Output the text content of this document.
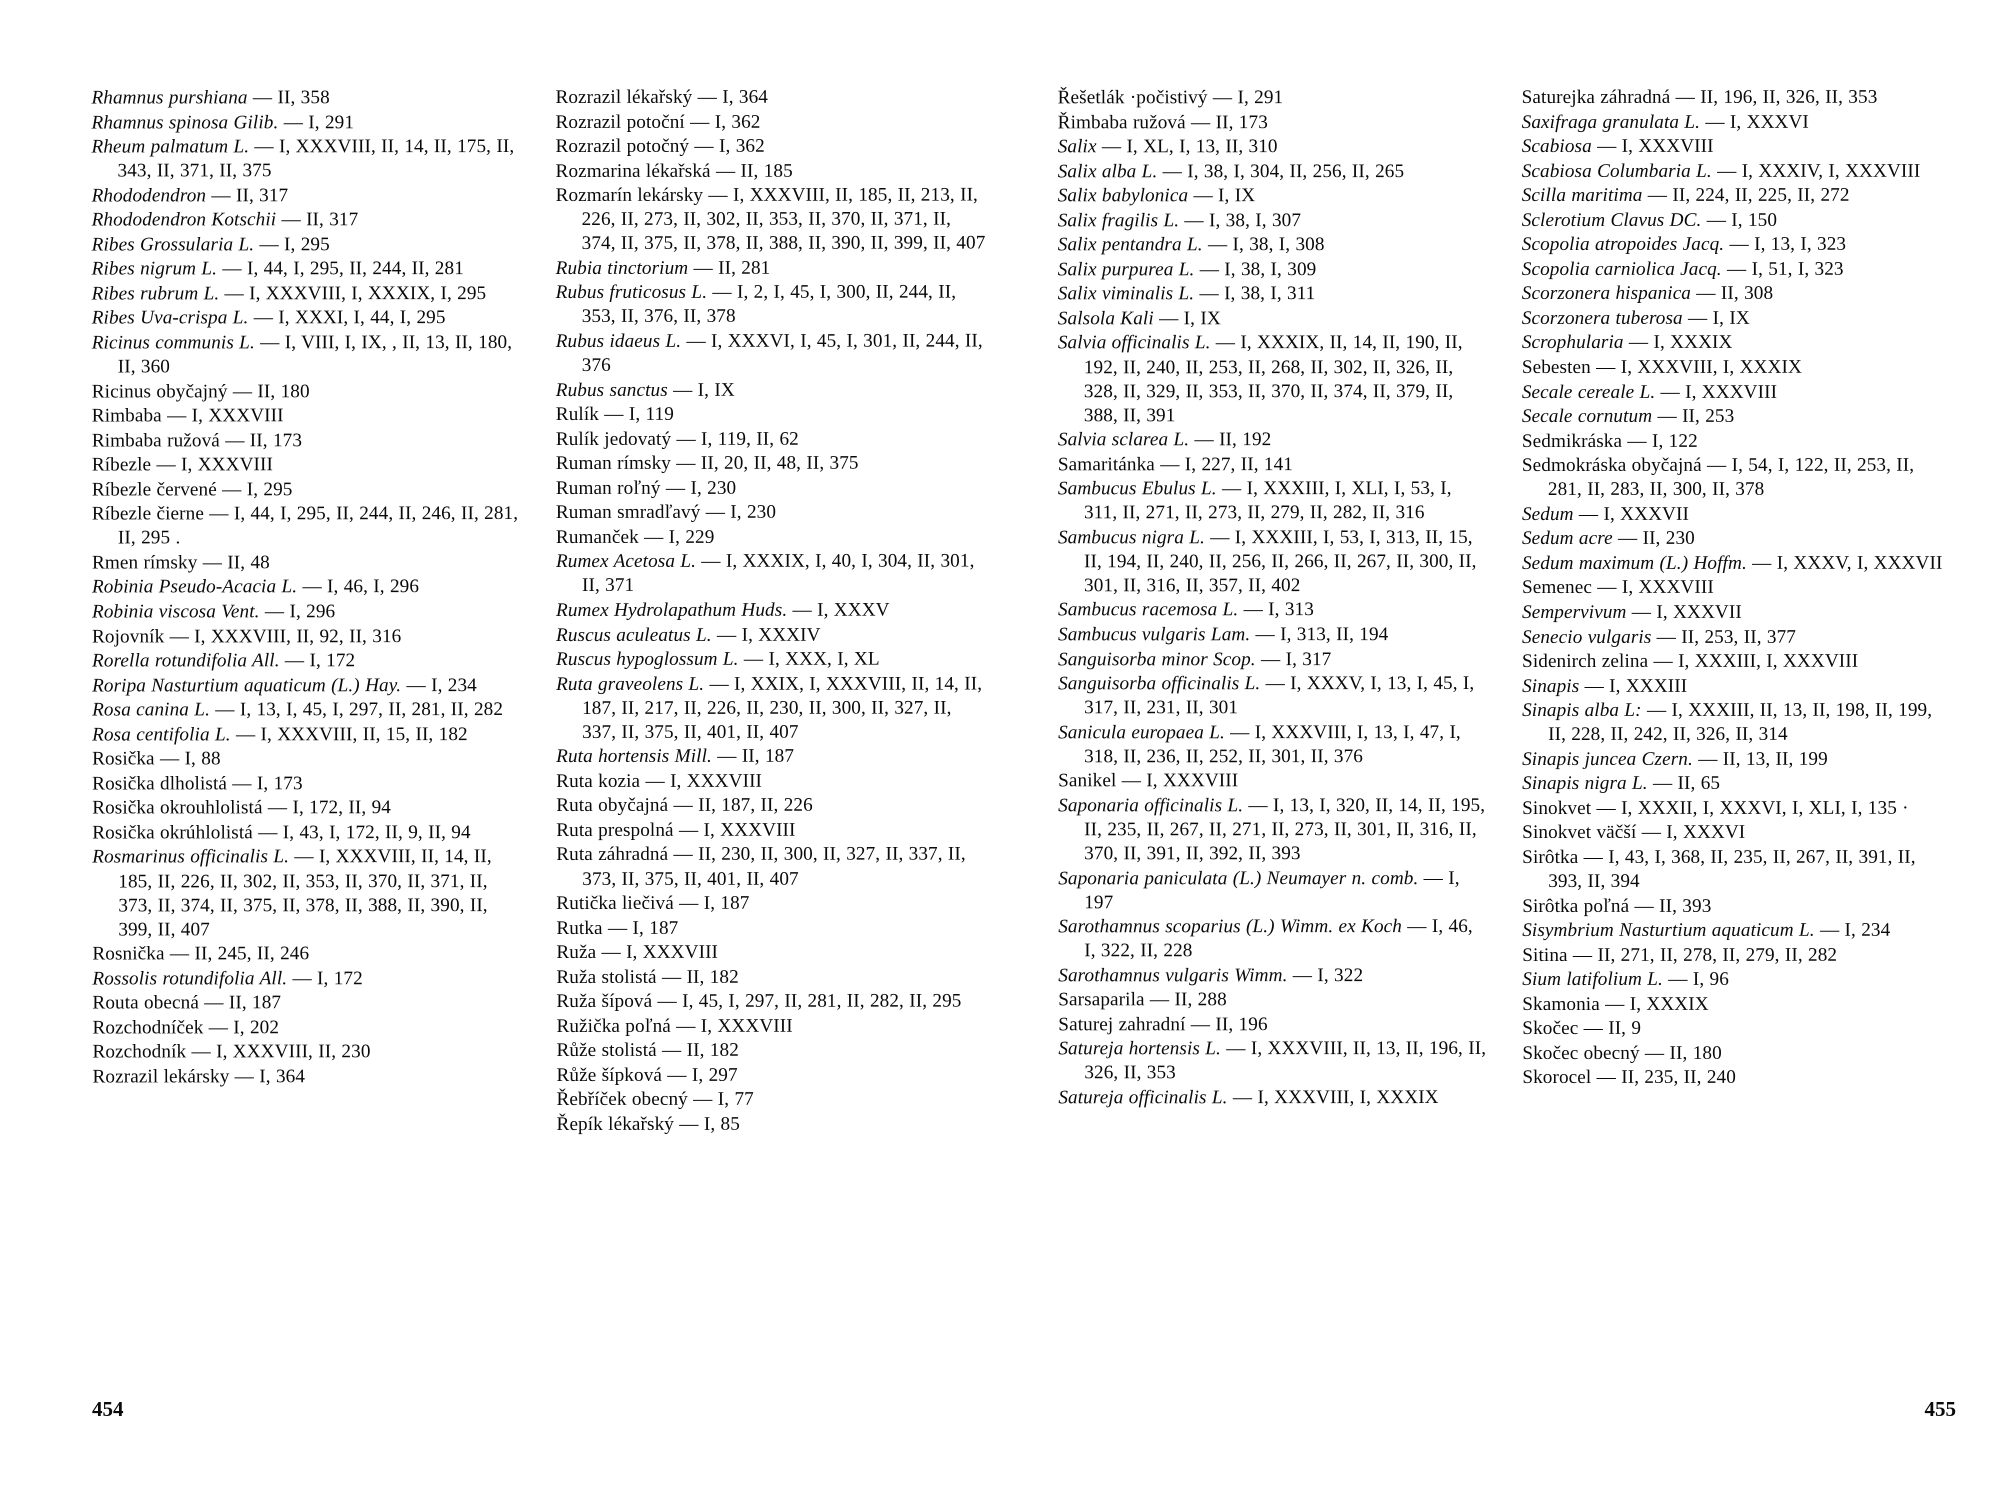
Rhamnus purshiana — II, 358

Rhamnus spinosa Gilib. — I, 291

Rheum palmatum L. — I, XXXVIII, II, 14, II, 175, II, 343, II, 371, II, 375

Rhododendron — II, 317

Rhododendron Kotschii — II, 317

Ribes Grossularia L. — I, 295

Ribes nigrum L. — I, 44, I, 295, II, 244, II, 281

Ribes rubrum L. — I, XXXVIII, I, XXXIX, I, 295

Ribes Uva-crispa L. — I, XXXI, I, 44, I, 295

Ricinus communis L. — I, VIII, I, IX, , II, 13, II, 180, II, 360

Ricinus obyčajný — II, 180

Rimbaba — I, XXXVIII

Rimbaba ružová — II, 173

Ríbezle — I, XXXVIII

Ríbezle červené — I, 295

Ríbezle čierne — I, 44, I, 295, II, 244, II, 246, II, 281, II, 295 .

Rmen rímsky — II, 48

Robinia Pseudo-Acacia L. — I, 46, I, 296

Robinia viscosa Vent. — I, 296

Rojovník — I, XXXVIII, II, 92, II, 316

Rorella rotundifolia All. — I, 172

Roripa Nasturtium aquaticum (L.) Hay. — I, 234

Rosa canina L. — I, 13, I, 45, I, 297, II, 281, II, 282

Rosa centifolia L. — I, XXXVIII, II, 15, II, 182

Rosička — I, 88

Rosička dlholistá — I, 173

Rosička okrouhlolistá — I, 172, II, 94

Rosička okrúhlolistá — I, 43, I, 172, II, 9, II, 94

Rosmarinus officinalis L. — I, XXXVIII, II, 14, II, 185, II, 226, II, 302, II, 353, II, 370, II, 371, II, 373, II, 374, II, 375, II, 378, II, 388, II, 390, II, 399, II, 407

Rosnička — II, 245, II, 246

Rossolis rotundifolia All. — I, 172

Routa obecná — II, 187

Rozchodníček — I, 202

Rozchodník — I, XXXVIII, II, 230

Rozrazil lekársky — I, 364

Rozrazil lékařský — I, 364

Rozrazil potoční — I, 362

Rozrazil potočný — I, 362

Rozmarina lékařská — II, 185

Rozmarín lekársky — I, XXXVIII, II, 185, II, 213, II, 226, II, 273, II, 302, II, 353, II, 370, II, 371, II, 374, II, 375, II, 378, II, 388, II, 390, II, 399, II, 407

Rubia tinctorium — II, 281

Rubus fruticosus L. — I, 2, I, 45, I, 300, II, 244, II, 353, II, 376, II, 378

Rubus idaeus L. — I, XXXVI, I, 45, I, 301, II, 244, II, 376

Rubus sanctus — I, IX

Rulík — I, 119

Rulík jedovatý — I, 119, II, 62

Ruman rímsky — II, 20, II, 48, II, 375

Ruman roľný — I, 230

Ruman smradľavý — I, 230

Rumanček — I, 229

Rumex Acetosa L. — I, XXXIX, I, 40, I, 304, II, 301, II, 371

Rumex Hydrolapathum Huds. — I, XXXV

Ruscus aculeatus L. — I, XXXIV

Ruscus hypoglossum L. — I, XXX, I, XL

Ruta graveolens L. — I, XXIX, I, XXXVIII, II, 14, II, 187, II, 217, II, 226, II, 230, II, 300, II, 327, II, 337, II, 375, II, 401, II, 407

Ruta hortensis Mill. — II, 187

Ruta kozia — I, XXXVIII

Ruta obyčajná — II, 187, II, 226

Ruta prespolná — I, XXXVIII

Ruta záhradná — II, 230, II, 300, II, 327, II, 337, II, 373, II, 375, II, 401, II, 407

Rutička liečivá — I, 187

Rutka — I, 187

Ruža — I, XXXVIII

Ruža stolistá — II, 182

Ruža šípová — I, 45, I, 297, II, 281, II, 282, II, 295

Ružička poľná — I, XXXVIII

Růže stolistá — II, 182

Růže šípková — I, 297

Řebříček obecný — I, 77

Řepík lékařský — I, 85

454

Řešetlák ·počistivý — I, 291

Řimbaba ružová — II, 173

Salix — I, XL, I, 13, II, 310

Salix alba L. — I, 38, I, 304, II, 256, II, 265

Salix babylonica — I, IX

Salix fragilis L. — I, 38, I, 307

Salix pentandra L. — I, 38, I, 308

Salix purpurea L. — I, 38, I, 309

Salix viminalis L. — I, 38, I, 311

Salsola Kali — I, IX

Salvia officinalis L. — I, XXXIX, II, 14, II, 190, II, 192, II, 240, II, 253, II, 268, II, 302, II, 326, II, 328, II, 329, II, 353, II, 370, II, 374, II, 379, II, 388, II, 391

Salvia sclarea L. — II, 192

Samaritánka — I, 227, II, 141

Sambucus Ebulus L. — I, XXXIII, I, XLI, I, 53, I, 311, II, 271, II, 273, II, 279, II, 282, II, 316

Sambucus nigra L. — I, XXXIII, I, 53, I, 313, II, 15, II, 194, II, 240, II, 256, II, 266, II, 267, II, 300, II, 301, II, 316, II, 357, II, 402

Sambucus racemosa L. — I, 313

Sambucus vulgaris Lam. — I, 313, II, 194

Sanguisorba minor Scop. — I, 317

Sanguisorba officinalis L. — I, XXXV, I, 13, I, 45, I, 317, II, 231, II, 301

Sanicula europaea L. — I, XXXVIII, I, 13, I, 47, I, 318, II, 236, II, 252, II, 301, II, 376

Sanikel — I, XXXVIII

Saponaria officinalis L. — I, 13, I, 320, II, 14, II, 195, II, 235, II, 267, II, 271, II, 273, II, 301, II, 316, II, 370, II, 391, II, 392, II, 393

Saponaria paniculata (L.) Neumayer n. comb. — I, 197

Sarothamnus scoparius (L.) Wimm. ex Koch — I, 46, I, 322, II, 228

Sarothamnus vulgaris Wimm. — I, 322

Sarsaparila — II, 288

Saturej zahradní — II, 196

Satureja hortensis L. — I, XXXVIII, II, 13, II, 196, II, 326, II, 353

Satureja officinalis L. — I, XXXVIII, I, XXXIX

Saturejka záhradná — II, 196, II, 326, II, 353

Saxifraga granulata L. — I, XXXVI

Scabiosa — I, XXXVIII

Scabiosa Columbaria L. — I, XXXIV, I, XXXVIII

Scilla maritima — II, 224, II, 225, II, 272

Sclerotium Clavus DC. — I, 150

Scopolia atropoides Jacq. — I, 13, I, 323

Scopolia carniolica Jacq. — I, 51, I, 323

Scorzonera hispanica — II, 308

Scorzonera tuberosa — I, IX

Scrophularia — I, XXXIX

Sebesten — I, XXXVIII, I, XXXIX

Secale cereale L. — I, XXXVIII

Secale cornutum — II, 253

Sedmikráska — I, 122

Sedmokráska obyčajná — I, 54, I, 122, II, 253, II, 281, II, 283, II, 300, II, 378

Sedum — I, XXXVII

Sedum acre — II, 230

Sedum maximum (L.) Hoffm. — I, XXXV, I, XXXVII

Semenec — I, XXXVIII

Sempervivum — I, XXXVII

Senecio vulgaris — II, 253, II, 377

Sidenirch zelina — I, XXXIII, I, XXXVIII

Sinapis — I, XXXIII

Sinapis alba L: — I, XXXIII, II, 13, II, 198, II, 199, II, 228, II, 242, II, 326, II, 314

Sinapis juncea Czern. — II, 13, II, 199

Sinapis nigra L. — II, 65

Sinokvet — I, XXXII, I, XXXVI, I, XLI, I, 135 ·

Sinokvet väčší — I, XXXVI

Sirôtka — I, 43, I, 368, II, 235, II, 267, II, 391, II, 393, II, 394

Sirôtka poľná — II, 393

Sisymbrium Nasturtium aquaticum L. — I, 234

Sitina — II, 271, II, 278, II, 279, II, 282

Sium latifolium L. — I, 96

Skamonia — I, XXXIX

Skočec — II, 9

Skočec obecný — II, 180

Skorocel — II, 235, II, 240

455
